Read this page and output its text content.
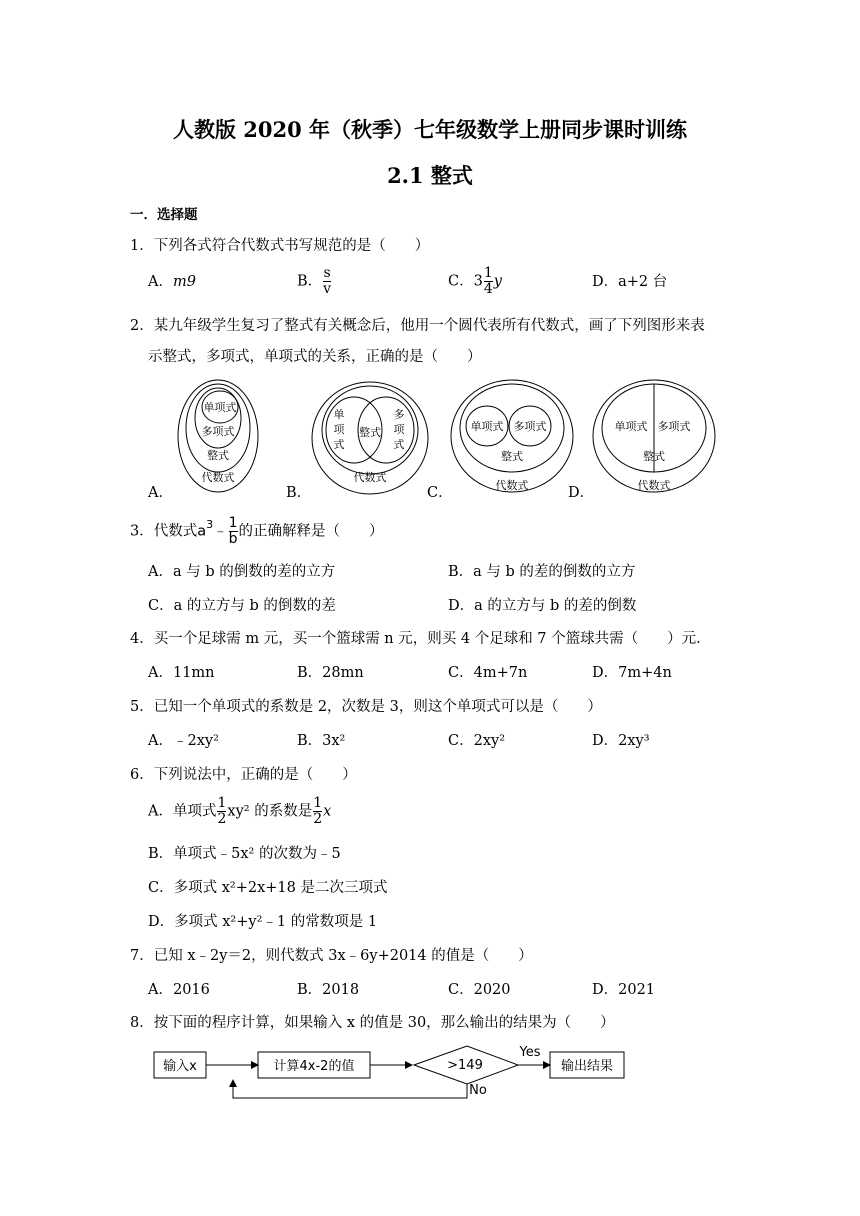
人教版 2020 年（秋季）七年级数学上册同步课时训练
2.1 整式
一．选择题
1．下列各式符合代数式书写规范的是（　　）
A．m9	B． $\frac{s}{v}$	C．$3 \frac{1}{4}$ y	D．a+2 台
2．某九年级学生复习了整式有关概念后，他用一个圆代表所有代数式，画了下列图形来表
示整式，多项式，单项式的关系，正确的是（　　）
单项式
多项式
整式
代数式
单
项
式
整式
多
项
式
代数式
单项式 多项式
整式
代数式
单项式 多项式
整式
代数式
A．	B．	C．	D．
3．代数式$a^3﹣ \frac{1}{b}$ 的正确解释是（　　）
A．a 与 b 的倒数的差的立方	B．a 与 b 的差的倒数的立方
C．a 的立方与 b 的倒数的差	D．a 的立方与 b 的差的倒数
4．买一个足球需 m 元，买一个篮球需 n 元，则买 4 个足球和 7 个篮球共需（　　）元．
A．11mn	B．28mn	C．4m+7n	D．7m+4n
5．已知一个单项式的系数是 2，次数是 3，则这个单项式可以是（　　）
A．﹣2xy²	B．3x²	C．2xy²	D．2xy³
6．下列说法中，正确的是（　　）
A．单项式 $\frac{1}{2} xy^2$ 的系数是 $\frac{1}{2}$ x
B．单项式﹣5x² 的次数为﹣5
C．多项式 x²+2x+18 是二次三项式
D．多项式 x²+y²﹣1 的常数项是 1
7．已知 x﹣2y＝2，则代数式 3x﹣6y+2014 的值是（　　）
A．2016	B．2018	C．2020	D．2021
8．按下面的程序计算，如果输入 x 的值是 30，那么输出的结果为（　　）
输入x	计算4x-2的值	>149
Yes
输出结果
No
